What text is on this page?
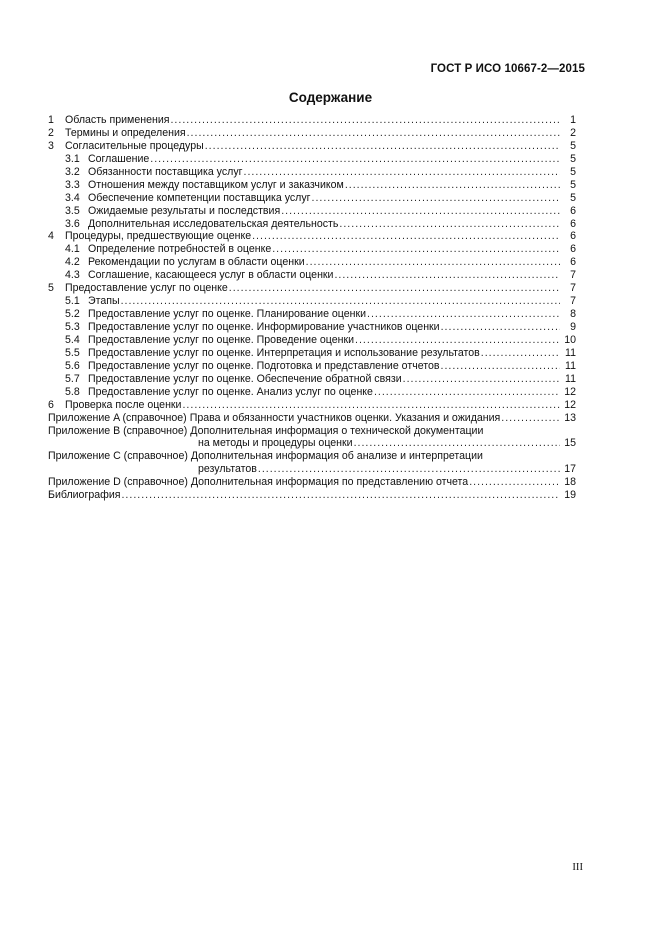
ГОСТ Р ИСО 10667-2—2015
Содержание
1	Область применения .....	1
2	Термины и определения .....	2
3	Согласительные процедуры .....	5
3.1 Соглашение .....	5
3.2 Обязанности поставщика услуг .....	5
3.3 Отношения между поставщиком услуг и заказчиком .....	5
3.4 Обеспечение компетенции поставщика услуг .....	5
3.5 Ожидаемые результаты и последствия .....	6
3.6 Дополнительная исследовательская деятельность .....	6
4	Процедуры, предшествующие оценке .....	6
4.1 Определение потребностей в оценке .....	6
4.2 Рекомендации по услугам в области оценки .....	6
4.3 Соглашение, касающееся услуг в области оценки .....	7
5	Предоставление услуг по оценке .....	7
5.1 Этапы .....	7
5.2 Предоставление услуг по оценке. Планирование оценки .....	8
5.3 Предоставление услуг по оценке. Информирование участников оценки .....	9
5.4 Предоставление услуг по оценке. Проведение оценки .....	10
5.5 Предоставление услуг по оценке. Интерпретация и использование результатов .....	11
5.6 Предоставление услуг по оценке. Подготовка и представление отчетов .....	11
5.7 Предоставление услуг по оценке. Обеспечение обратной связи .....	11
5.8 Предоставление услуг по оценке. Анализ услуг по оценке .....	12
6	Проверка после оценки .....	12
Приложение A (справочное) Права и обязанности участников оценки. Указания и ожидания .....	13
Приложение B (справочное) Дополнительная информация о технической документации
на методы и процедуры оценки .....	15
Приложение C (справочное) Дополнительная информация об анализе и интерпретации
результатов .....	17
Приложение D (справочное) Дополнительная информация по представлению отчета .....	18
Библиография .....	19
III
